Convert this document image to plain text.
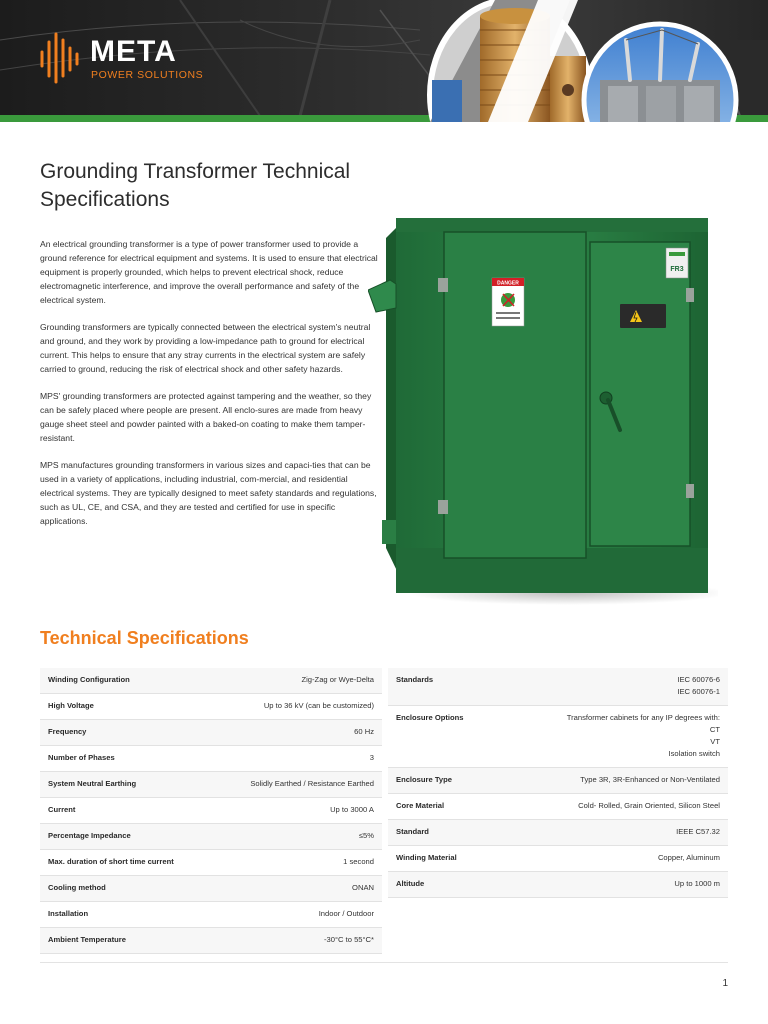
META
POWER SOLUTIONS
Grounding Transformer Technical Specifications

An electrical grounding transformer is a type of power transformer used to provide a ground reference for electrical equipment and systems. It is used to ensure that electrical equipment is properly grounded, which helps to prevent electrical shock, reduce electromagnetic interference, and improve the overall performance and safety of the electrical system.

Grounding transformers are typically connected between the electrical system's neutral and ground, and they work by providing a low-impedance path to ground for electrical current. This helps to ensure that any stray currents in the electrical system are safely carried to ground, reducing the risk of electrical shock and other safety hazards.

MPS' grounding transformers are protected against tampering and the weather, so they can be safely placed where people are present. All enclo-sures are made from heavy gauge sheet steel and powder painted with a baked-on coating to make them tamper-resistant.

MPS manufactures grounding transformers in various sizes and capaci-ties that can be used in a variety of applications, including industrial, com-mercial, and residential electrical systems. They are typically designed to meet safety standards and regulations, such as UL, CE, and CSA, and they are tested and certified for use in specific applications.

DANGER
FR3
Technical Specifications
Winding Configuration	Zig-Zag or Wye-Delta

High Voltage	Up to 36 kV (can be customized)

Frequency	60 Hz

Number of Phases	3

System Neutral Earthing	Solidly Earthed / Resistance Earthed

Current	Up to 3000 A

Percentage Impedance	≤5%

Max. duration of short time current	1 second

Cooling method	ONAN

Installation	Indoor / Outdoor

Ambient Temperature	-30°C to 55°C*
Standards	IEC 60076-6
IEC 60076-1

Enclosure Options	Transformer cabinets for any IP degrees with:
CT
VT
Isolation switch

Enclosure Type	Type 3R, 3R-Enhanced or Non-Ventilated

Core Material	Cold- Rolled, Grain Oriented, Silicon Steel

Standard	IEEE C57.32

Winding Material	Copper, Aluminum

Altitude	Up to 1000 m
1
